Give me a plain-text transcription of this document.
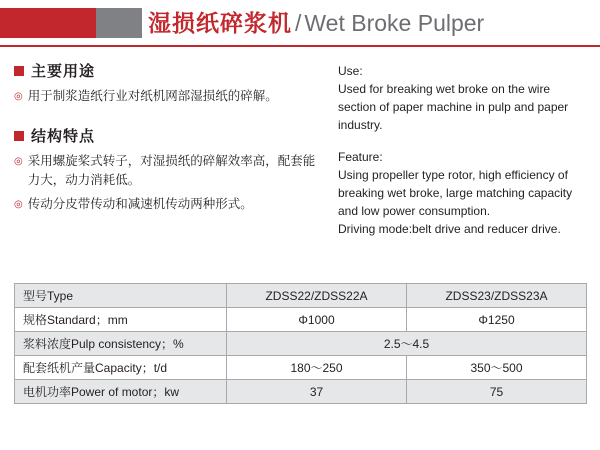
湿损纸碎浆机 / Wet Broke Pulper
主要用途
◎ 用于制浆造纸行业对纸机网部湿损纸的碎解。
结构特点
◎ 采用螺旋桨式转子，对湿损纸的碎解效率高，配套能力大，动力消耗低。
◎ 传动分皮带传动和减速机传动两种形式。

Use:

Used for breaking wet broke on the wire section of paper machine in pulp and paper industry.

Feature:

Using propeller type rotor, high efficiency of breaking wet broke, large matching capacity and low power consumption.

Driving mode:belt drive and reducer drive.

型号Type	ZDSS22/ZDSS22A	ZDSS23/ZDSS23A
规格Standard；mm	Φ1000	Φ1250
浆料浓度Pulp consistency；%	2.5～4.5	
配套纸机产量Capacity；t/d	180～250	350～500
电机功率Power of motor；kw	37	75
